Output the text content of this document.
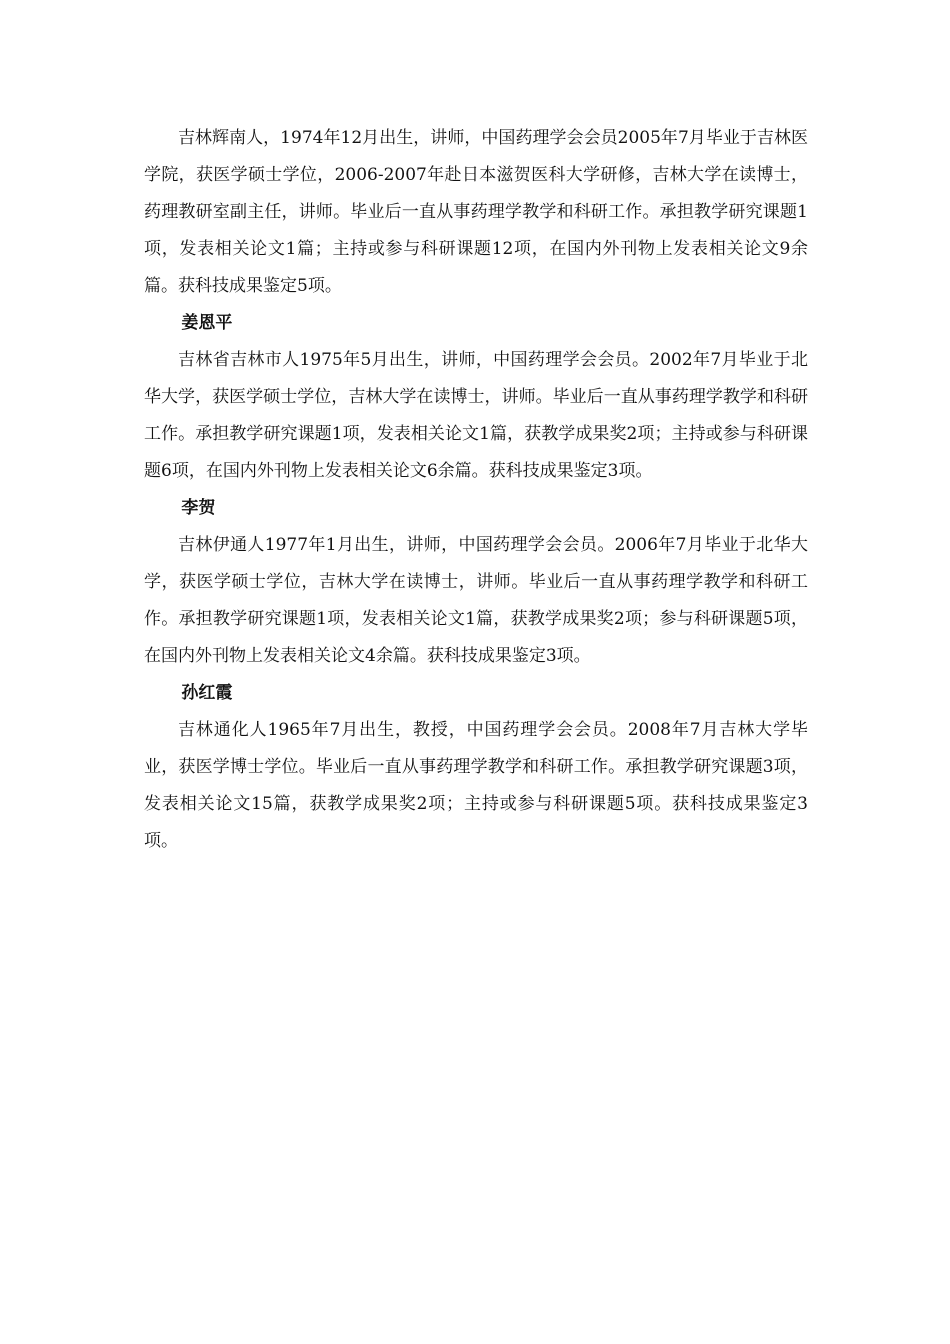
吉林辉南人，1974年12月出生，讲师，中国药理学会会员2005年7月毕业于吉林医学院，获医学硕士学位，2006-2007年赴日本滋贺医科大学研修，吉林大学在读博士，药理教研室副主任，讲师。毕业后一直从事药理学教学和科研工作。承担教学研究课题1项，发表相关论文1篇；主持或参与科研课题12项，在国内外刊物上发表相关论文9余篇。获科技成果鉴定5项。

姜恩平

吉林省吉林市人1975年5月出生，讲师，中国药理学会会员。2002年7月毕业于北华大学，获医学硕士学位，吉林大学在读博士，讲师。毕业后一直从事药理学教学和科研工作。承担教学研究课题1项，发表相关论文1篇，获教学成果奖2项；主持或参与科研课题6项，在国内外刊物上发表相关论文6余篇。获科技成果鉴定3项。

李贺

吉林伊通人1977年1月出生，讲师，中国药理学会会员。2006年7月毕业于北华大学，获医学硕士学位，吉林大学在读博士，讲师。毕业后一直从事药理学教学和科研工作。承担教学研究课题1项，发表相关论文1篇，获教学成果奖2项；参与科研课题5项，在国内外刊物上发表相关论文4余篇。获科技成果鉴定3项。

孙红霞

吉林通化人1965年7月出生，教授，中国药理学会会员。2008年7月吉林大学毕业，获医学博士学位。毕业后一直从事药理学教学和科研工作。承担教学研究课题3项，发表相关论文15篇，获教学成果奖2项；主持或参与科研课题5项。获科技成果鉴定3项。
